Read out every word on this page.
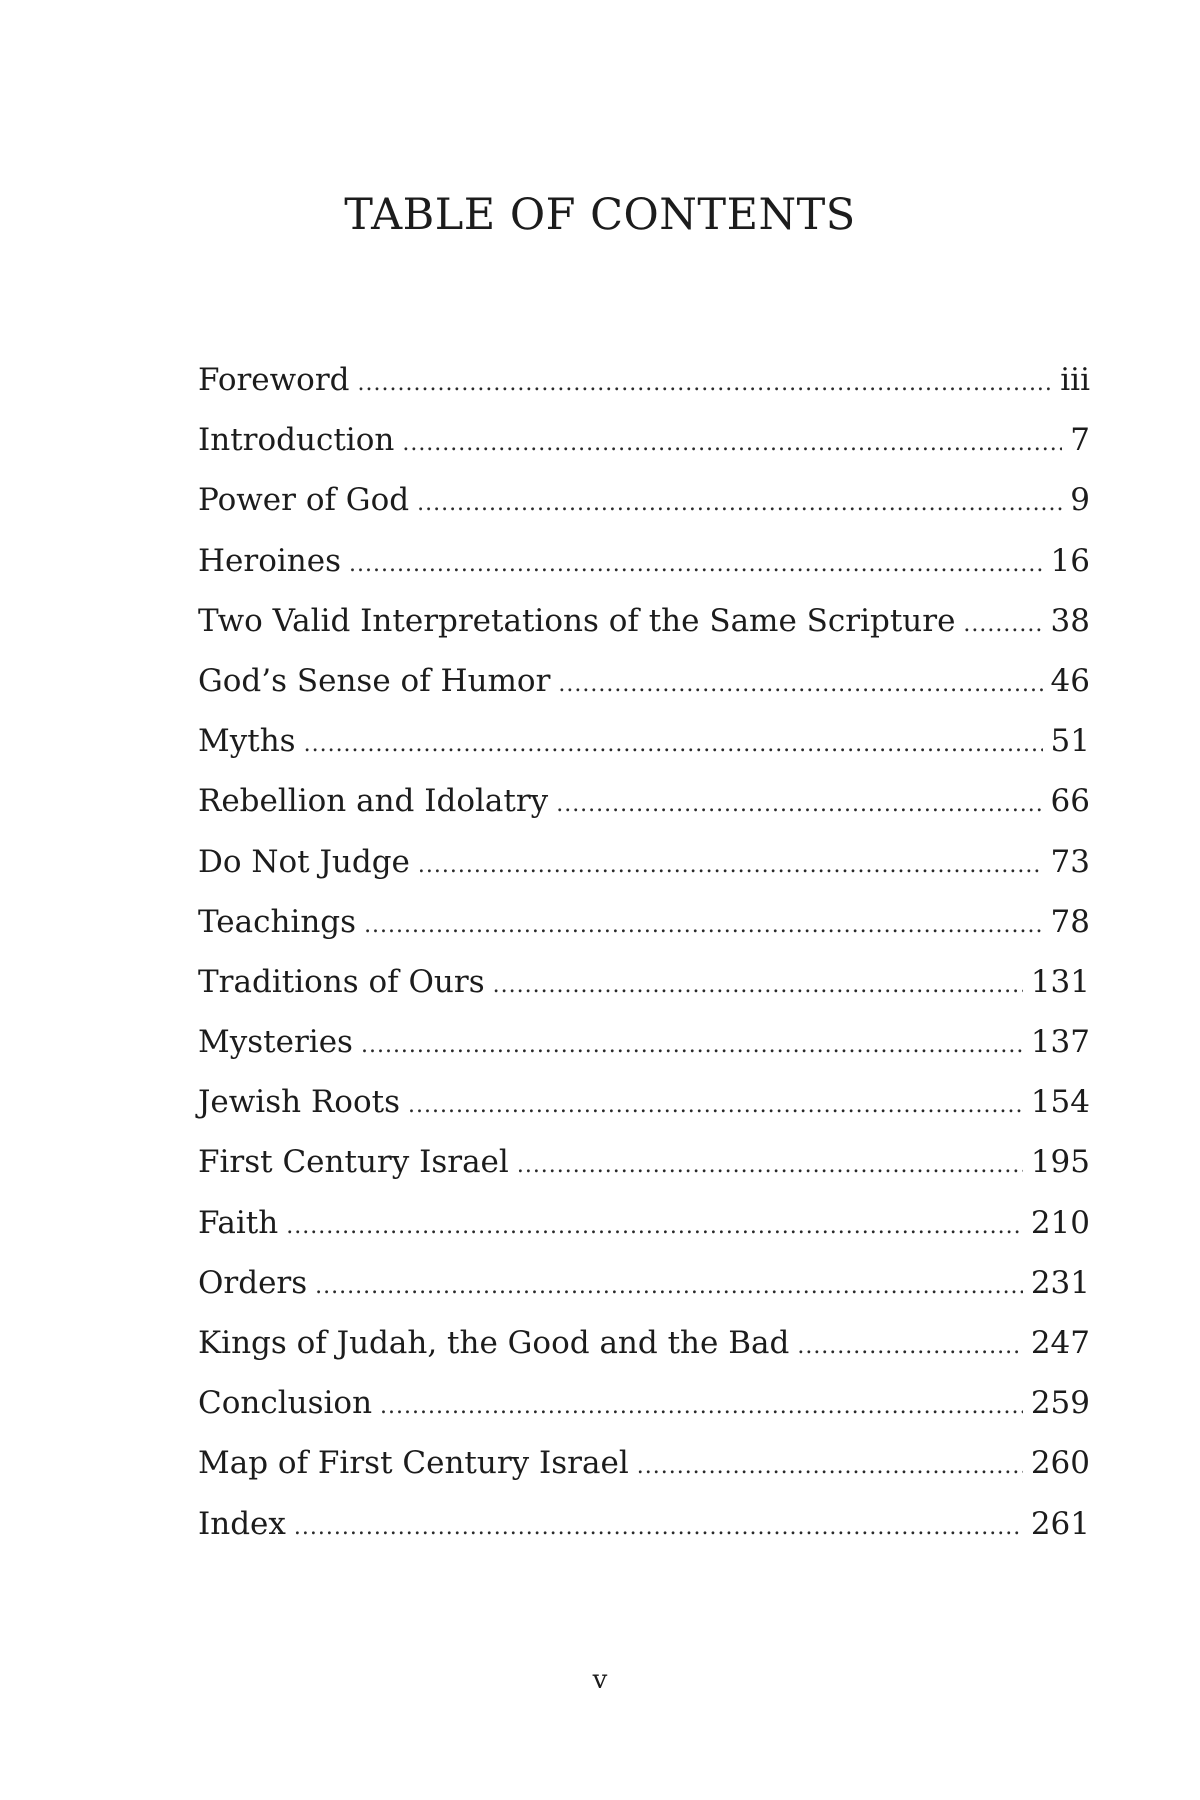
TABLE OF CONTENTS
Foreword .....	iii
Introduction .....	7
Power of God .....	9
Heroines .....	16
Two Valid Interpretations of the Same Scripture .....	38
God’s Sense of Humor .....	46
Myths .....	51
Rebellion and Idolatry .....	66
Do Not Judge .....	73
Teachings .....	78
Traditions of Ours .....	131
Mysteries .....	137
Jewish Roots .....	154
First Century Israel .....	195
Faith .....	210
Orders .....	231
Kings of Judah, the Good and the Bad .....	247
Conclusion .....	259
Map of First Century Israel .....	260
Index .....	261

v
